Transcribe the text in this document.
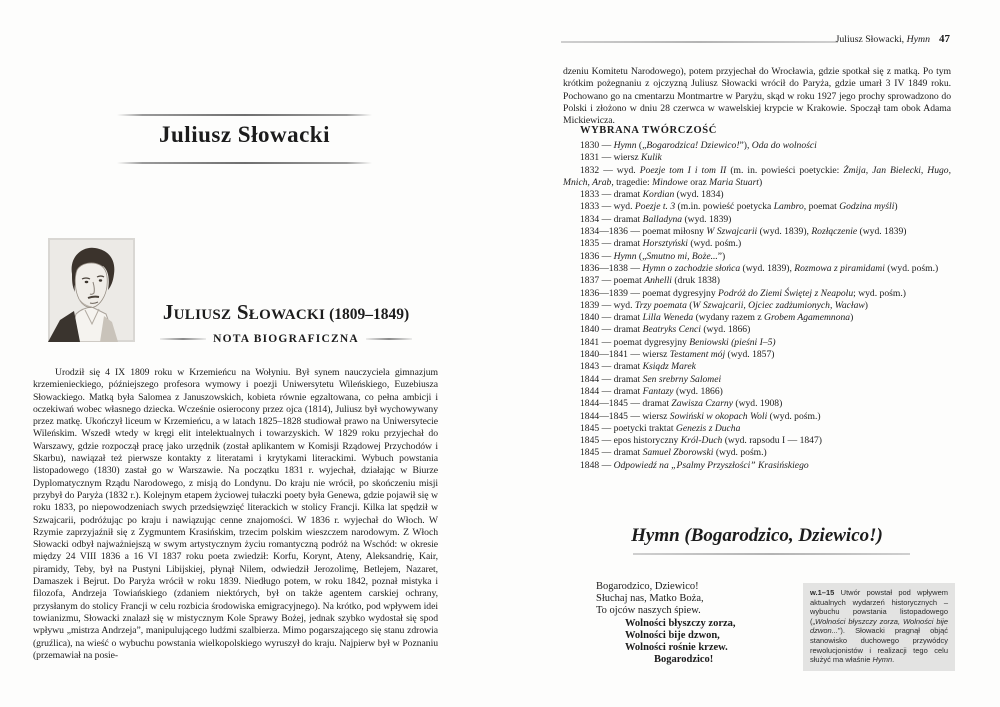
Juliusz Słowacki
Juliusz Słowacki (1809–1849)
NOTA BIOGRAFICZNA
Urodził się 4 IX 1809 roku w Krzemieńcu na Wołyniu. Był synem nauczyciela gimnazjum krzemienieckiego, późniejszego profesora wymowy i poezji Uniwersytetu Wileńskiego, Euzebiusza Słowackiego. Matką była Salomea z Januszowskich, kobieta równie egzaltowana, co pełna ambicji i oczekiwań wobec własnego dziecka. Wcześnie osierocony przez ojca (1814), Juliusz był wychowywany przez matkę. Ukończył liceum w Krzemieńcu, a w latach 1825–1828 studiował prawo na Uniwersytecie Wileńskim. Wszedł wtedy w kręgi elit intelektualnych i towarzyskich. W 1829 roku przyjechał do Warszawy, gdzie rozpoczął pracę jako urzędnik (został aplikantem w Komisji Rządowej Przychodów i Skarbu), nawiązał też pierwsze kontakty z literatami i krytykami literackimi. Wybuch powstania listopadowego (1830) zastał go w Warszawie. Na początku 1831 r. wyjechał, działając w Biurze Dyplomatycznym Rządu Narodowego, z misją do Londynu. Do kraju nie wrócił, po skończeniu misji przybył do Paryża (1832 r.). Kolejnym etapem życiowej tułaczki poety była Genewa, gdzie pojawił się w roku 1833, po niepowodzeniach swych przedsięwzięć literackich w stolicy Francji. Kilka lat spędził w Szwajcarii, podróżując po kraju i nawiązując cenne znajomości. W 1836 r. wyjechał do Włoch. W Rzymie zaprzyjaźnił się z Zygmuntem Krasińskim, trzecim polskim wieszczem narodowym. Z Włoch Słowacki odbył najważniejszą w swym artystycznym życiu romantyczną podróż na Wschód: w okresie między 24 VIII 1836 a 16 VI 1837 roku poeta zwiedził: Korfu, Korynt, Ateny, Aleksandrię, Kair, piramidy, Teby, był na Pustyni Libijskiej, płynął Nilem, odwiedził Jerozolimę, Betlejem, Nazaret, Damaszek i Bejrut. Do Paryża wrócił w roku 1839. Niedługo potem, w roku 1842, poznał mistyka i filozofa, Andrzeja Towiańskiego (zdaniem niektórych, był on także agentem carskiej ochrany, przysłanym do stolicy Francji w celu rozbicia środowiska emigracyjnego). Na krótko, pod wpływem idei towianizmu, Słowacki znalazł się w mistycznym Kole Sprawy Bożej, jednak szybko wydostał się spod wpływu „mistrza Andrzeja”, manipulującego ludźmi szalbierza. Mimo pogarszającego się stanu zdrowia (gruźlica), na wieść o wybuchu powstania wielkopolskiego wyruszył do kraju. Najpierw był w Poznaniu (przemawiał na posie-
Juliusz Słowacki, Hymn 47
dzeniu Komitetu Narodowego), potem przyjechał do Wrocławia, gdzie spotkał się z matką. Po tym krótkim pożegnaniu z ojczyzną Juliusz Słowacki wrócił do Paryża, gdzie umarł 3 IV 1849 roku. Pochowano go na cmentarzu Montmartre w Paryżu, skąd w roku 1927 jego prochy sprowadzono do Polski i złożono w dniu 28 czerwca w wawelskiej krypcie w Krakowie. Spoczął tam obok Adama Mickiewicza.
WYBRANA TWÓRCZOŚĆ
1830 — Hymn („Bogarodzica! Dziewico!”), Oda do wolności
1831 — wiersz Kulik
1832 — wyd. Poezje tom I i tom II (m. in. powieści poetyckie: Żmija, Jan Bielecki, Hugo, Mnich, Arab, tragedie: Mindowe oraz Maria Stuart)
1833 — dramat Kordian (wyd. 1834)
1833 — wyd. Poezje t. 3 (m.in. powieść poetycka Lambro, poemat Godzina myśli)
1834 — dramat Balladyna (wyd. 1839)
1834—1836 — poemat miłosny W Szwajcarii (wyd. 1839), Rozłączenie (wyd. 1839)
1835 — dramat Horsztyński (wyd. pośm.)
1836 — Hymn („Smutno mi, Boże...”)
1836—1838 — Hymn o zachodzie słońca (wyd. 1839), Rozmowa z piramidami (wyd. pośm.)
1837 — poemat Anhelli (druk 1838)
1836—1839 — poemat dygresyjny Podróż do Ziemi Świętej z Neapolu; wyd. pośm.)
1839 — wyd. Trzy poemata (W Szwajcarii, Ojciec zadżumionych, Wacław)
1840 — dramat Lilla Weneda (wydany razem z Grobem Agamemnona)
1840 — dramat Beatryks Cenci (wyd. 1866)
1841 — poemat dygresyjny Beniowski (pieśni I–5)
1840—1841 — wiersz Testament mój (wyd. 1857)
1843 — dramat Ksiądz Marek
1844 — dramat Sen srebrny Salomei
1844 — dramat Fantazy (wyd. 1866)
1844—1845 — dramat Zawisza Czarny (wyd. 1908)
1844—1845 — wiersz Sowiński w okopach Woli (wyd. pośm.)
1845 — poetycki traktat Genezis z Ducha
1845 — epos historyczny Król-Duch (wyd. rapsodu I — 1847)
1845 — dramat Samuel Zborowski (wyd. pośm.)
1848 — Odpowiedź na „Psalmy Przyszłości” Krasińskiego
Hymn (Bogarodzico, Dziewico!)
Bogarodzico, Dziewico!
Słuchaj nas, Matko Boża,
To ojców naszych śpiew.
Wolności błyszczy zorza,
Wolności bije dzwon,
Wolności rośnie krzew.
Bogarodzico!
w.1–15 Utwór powstał pod wpływem aktualnych wydarzeń historycznych – wybuchu powstania listopadowego („Wolności błyszczy zorza, Wolności bije dzwon...”). Słowacki pragnął objąć stanowisko duchowego przywódcy rewolucjonistów i realizacji tego celu służyć ma właśnie Hymn.
